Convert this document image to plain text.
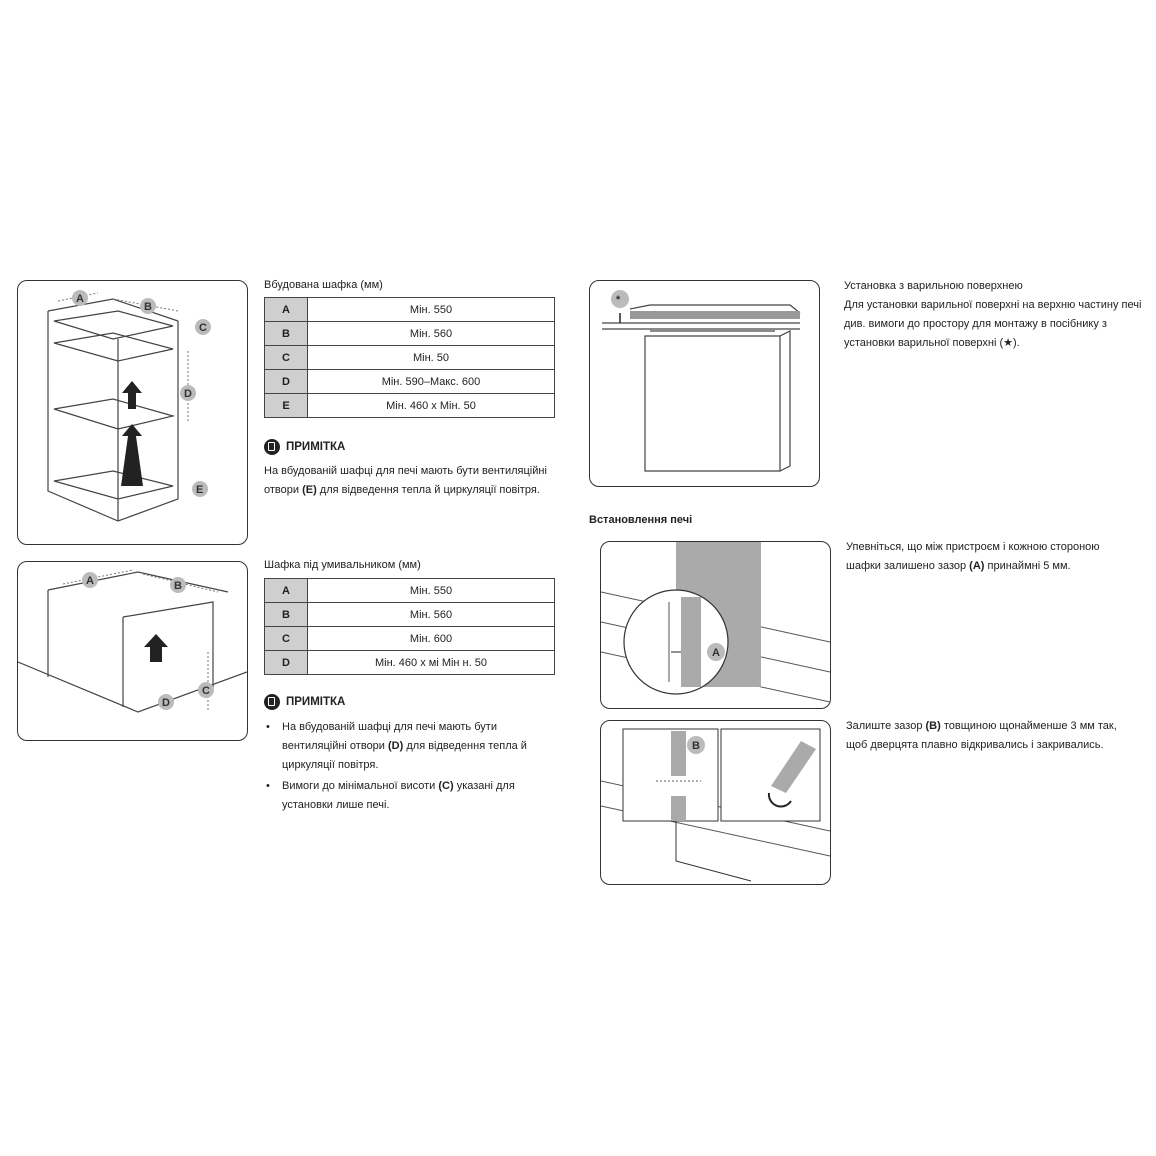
A
B
C
D
E
A	B
C
D
Вбудована шафка (мм)
A	Мін. 550
B	Мін. 560
C	Мін. 50
D	Мін. 590–Макс. 600
E	Мін. 460 x Мін. 50
ПРИМІТКА
На вбудованій шафці для печі мають бути вентиляційні отвори (E) для відведення тепла й циркуляції повітря.
Шафка під умивальником (мм)
A	Мін. 550
B	Мін. 560
C	Мін. 600
D	Мін. 460 x мі Мін н. 50
ПРИМІТКА
• На вбудованій шафці для печі мають бути вентиляційні отвори (D) для відведення тепла й циркуляції повітря.
• Вимоги до мінімальної висоти (C) указані для установки лише печі.
*
Установка з варильною поверхнею
Для установки варильної поверхні на верхню частину печі див. вимоги до простору для монтажу в посібнику з установки варильної поверхні (★).
Встановлення печі
A
Упевніться, що між пристроєм і кожною стороною шафки залишено зазор (A) принаймні 5 мм.
B
Залиште зазор (B) товщиною щонайменше 3 мм так, щоб дверцята плавно відкривались і закривались.
